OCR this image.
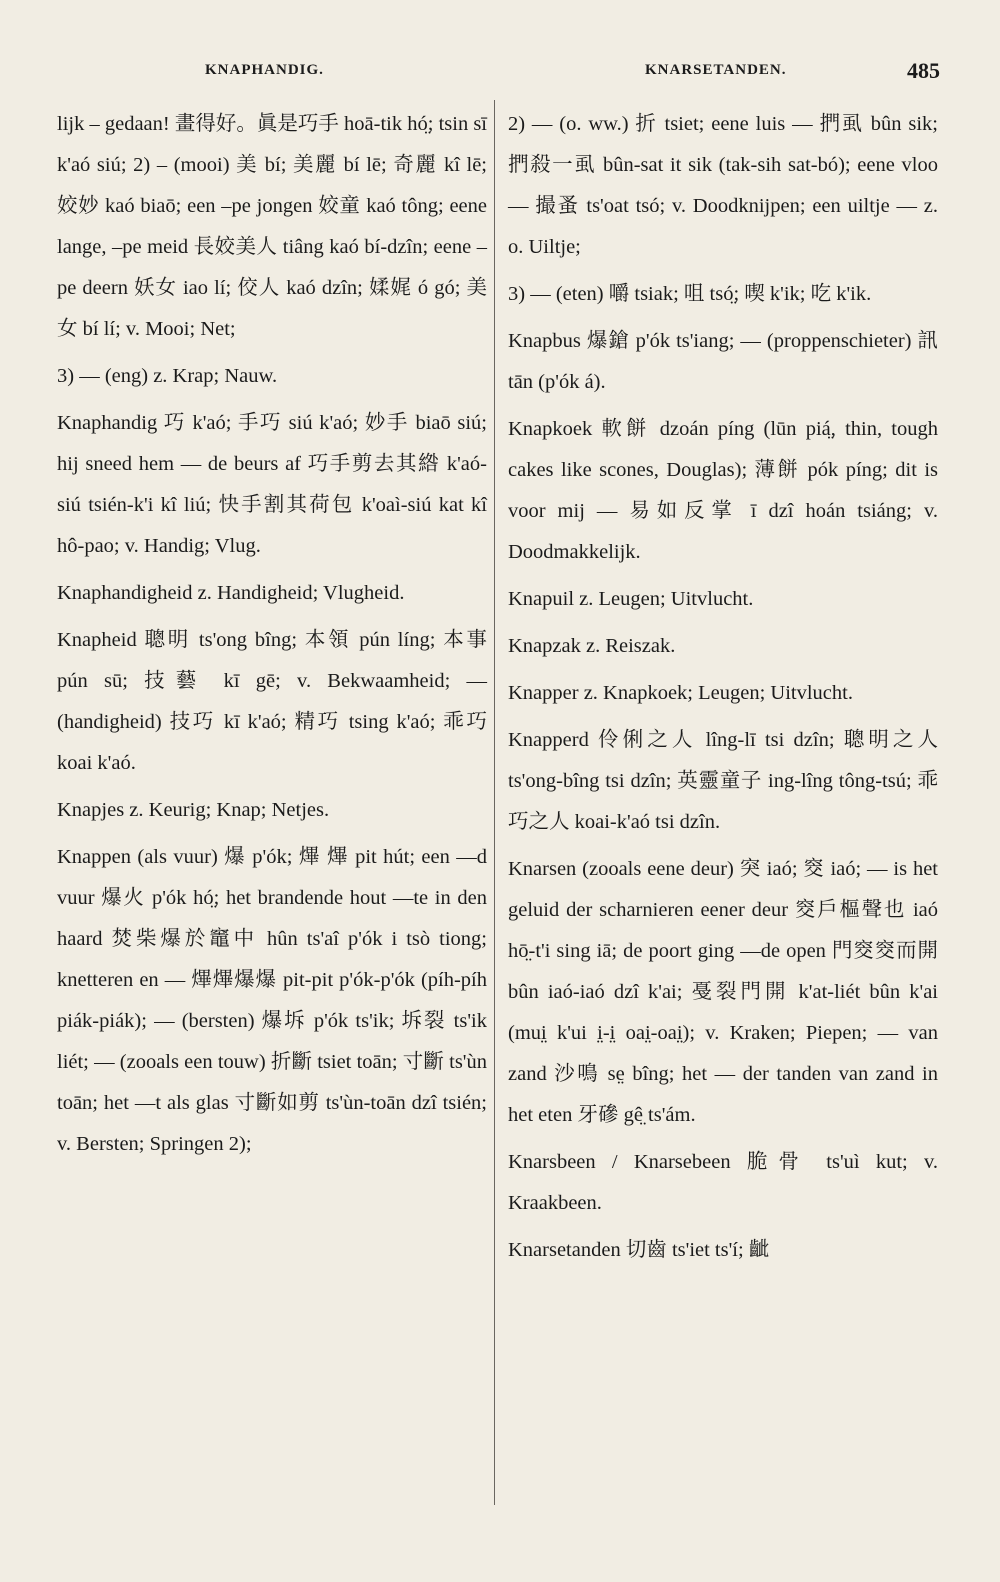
KNAPHANDIG.	KNARSETANDEN.	485

lijk – gedaan! 畫得好。眞是巧手 hoā-tik hó̤; tsin sī k'aó siú; 2) – (mooi) 美 bí; 美麗 bí lē; 奇麗 kî lē; 姣妙 kaó biaō; een –pe jongen 姣童 kaó tông; eene lange, –pe meid 長姣美人 tiâng kaó bí-dzîn; eene –pe deern 妖女 iao lí; 佼人 kaó dzîn; 媃娓 ó gó; 美女 bí lí; v. Mooi; Net;

3) — (eng) z. Krap; Nauw.

Knaphandig 巧 k'aó; 手巧 siú k'aó; 妙手 biaō siú; hij sneed hem — de beurs af 巧手剪去其綹 k'aó-siú tsién-k'i kî liú; 快手割其荷包 k'oaì-siú kat kî hô-pao; v. Handig; Vlug.

Knaphandigheid z. Handigheid; Vlugheid.

Knapheid 聰明 ts'ong bîng; 本領 pún líng; 本事 pún sū; 技藝 kī gē; v. Bekwaamheid; — (handigheid) 技巧 kī k'aó; 精巧 tsing k'aó; 乖巧 koai k'aó.

Knapjes z. Keurig; Knap; Netjes.

Knappen (als vuur) 爆 p'ók; 熚 熚 pit hút; een —d vuur 爆火 p'ók hó̤; het brandende hout —te in den haard 焚柴爆於竈中 hûn ts'aî p'ók i tsò tiong; knetteren en — 熚熚爆爆 pit-pit p'ók-p'ók (píh-píh piák-piák); — (bersten) 爆坼 p'ók ts'ik; 坼裂 ts'ik liét; — (zooals een touw) 折斷 tsiet toān; 寸斷 ts'ùn toān; het —t als glas 寸斷如剪 ts'ùn-toān dzî tsién; v. Bersten; Springen 2);

2) — (o. ww.) 折 tsiet; eene luis — 捫虱 bûn sik; 捫殺一虱 bûn-sat it sik (tak-sih sat-bó); eene vloo — 撮蚤 ts'oat tsó; v. Doodknijpen; een uiltje — z. o. Uiltje;

3) — (eten) 嚼 tsiak; 咀 tsó̤; 喫 k'ik; 吃 k'ik.

Knapbus 爆鎗 p'ók ts'iang; — (proppenschieter) 訊 tān (p'ók á).

Knapkoek 軟餅 dzoán píng (lūn piá̤, thin, tough cakes like scones, Douglas); 薄餅 pók píng; dit is voor mij — 易如反掌 ī dzî hoán tsiáng; v. Doodmakkelijk.

Knapuil z. Leugen; Uitvlucht.

Knapzak z. Reiszak.

Knapper z. Knapkoek; Leugen; Uitvlucht.

Knapperd 伶俐之人 lîng-lī tsi dzîn; 聰明之人 ts'ong-bîng tsi dzîn; 英靈童子 ing-lîng tông-tsú; 乖巧之人 koai-k'aó tsi dzîn.

Knarsen (zooals eene deur) 突 iaó; 窔 iaó; — is het geluid der scharnieren eener deur 窔戶樞聲也 iaó hō̤-t'i sing iā; de poort ging —de open 門窔窔而開 bûn iaó-iaó dzî k'ai; 戞裂門開 k'at-liét bûn k'ai (mui̤ k'ui i̤-i̤ oai̤-oai̤); v. Kraken; Piepen; — van zand 沙鳴 se̤ bîng; het — der tanden van zand in het eten 牙磣 gê̤ ts'ám.

Knarsbeen / Knarsebeen 脆骨 ts'uì kut; v. Kraakbeen.

Knarsetanden 切齒 ts'iet ts'í; 齜
